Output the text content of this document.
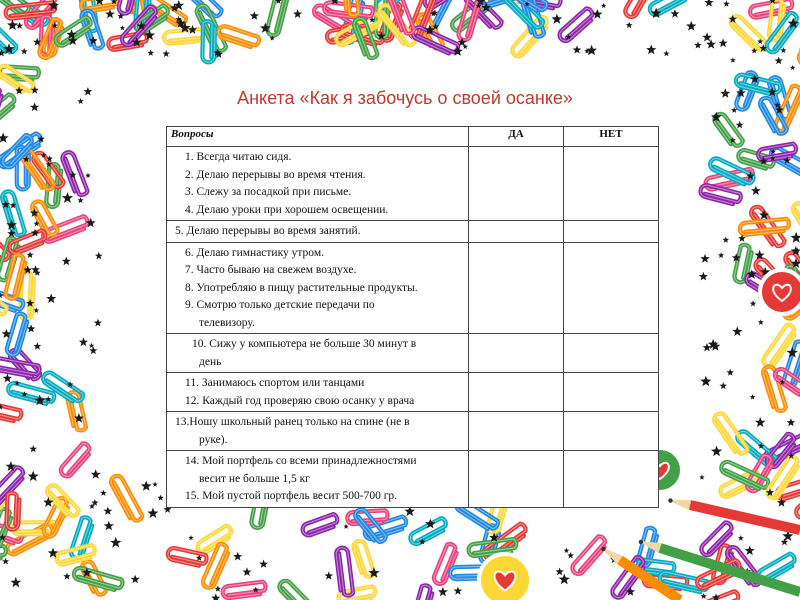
Анкета «Как я забочусь о своей осанке»
Вопросы	ДА	НЕТ

1. Всегда читаю сидя.
2. Делаю перерывы во время чтения.
3. Слежу за посадкой при письме.
4. Делаю уроки при хорошем освещении.		

5. Делаю перерывы во время занятий.		

6. Делаю гимнастику утром.
7. Часто бываю на свежем воздухе.
8. Употребляю в пищу растительные продукты.
9. Смотрю только детские передачи по
телевизору.		

10. Сижу у компьютера не больше 30 минут в
день		

11. Занимаюсь спортом или танцами
12. Каждый год проверяю свою осанку у врача		

13.Ношу школьный ранец только на спине (не в
руке).		

14. Мой портфель со всеми принадлежностями
весит не больше 1,5 кг
15. Мой пустой портфель весит 500-700 гр.		
